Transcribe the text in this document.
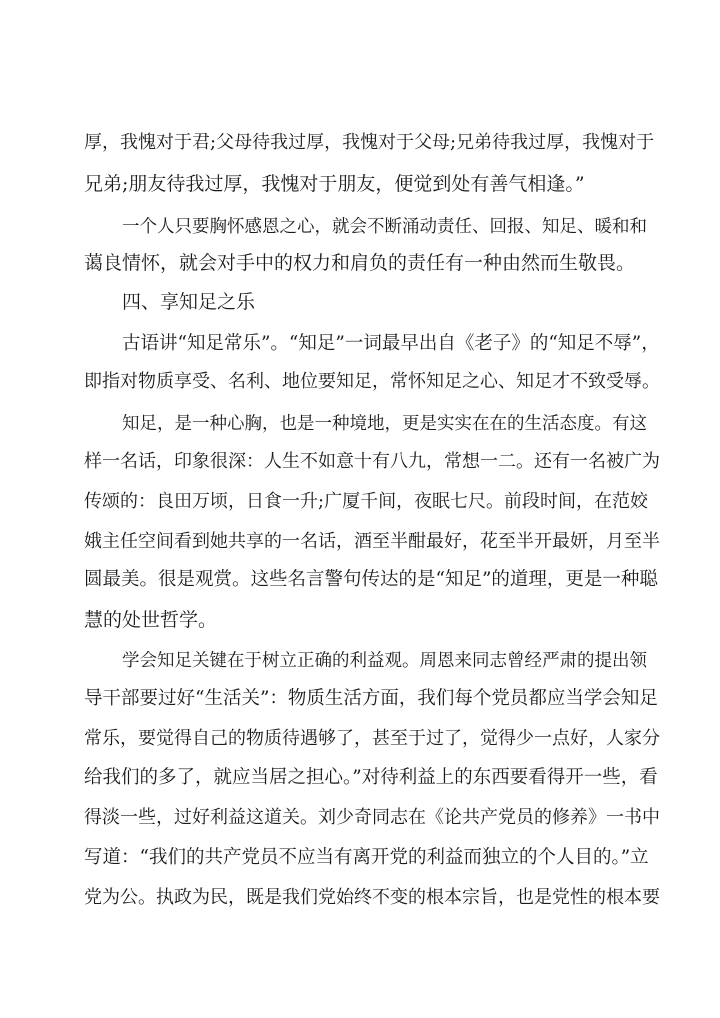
厚，我愧对于君;父母待我过厚，我愧对于父母;兄弟待我过厚，我愧对于

兄弟;朋友待我过厚，我愧对于朋友，便觉到处有善气相逢。”

一个人只要胸怀感恩之心，就会不断涌动责任、回报、知足、暖和和

蔼良情怀，就会对手中的权力和肩负的责任有一种由然而生敬畏。

四、享知足之乐

古语讲“知足常乐”。“知足”一词最早出自《老子》的“知足不辱”，

即指对物质享受、名利、地位要知足，常怀知足之心、知足才不致受辱。

知足，是一种心胸，也是一种境地，更是实实在在的生活态度。有这

样一名话，印象很深：人生不如意十有八九，常想一二。还有一名被广为

传颂的：良田万顷，日食一升;广厦千间，夜眠七尺。前段时间，在范姣

娥主任空间看到她共享的一名话，酒至半酣最好，花至半开最妍，月至半

圆最美。很是观赏。这些名言警句传达的是“知足”的道理，更是一种聪

慧的处世哲学。

学会知足关键在于树立正确的利益观。周恩来同志曾经严肃的提出领

导干部要过好“生活关”：物质生活方面，我们每个党员都应当学会知足

常乐，要觉得自己的物质待遇够了，甚至于过了，觉得少一点好，人家分

给我们的多了，就应当居之担心。”对待利益上的东西要看得开一些，看

得淡一些，过好利益这道关。刘少奇同志在《论共产党员的修养》一书中

写道：“我们的共产党员不应当有离开党的利益而独立的个人目的。”立

党为公。执政为民，既是我们党始终不变的根本宗旨，也是党性的根本要
